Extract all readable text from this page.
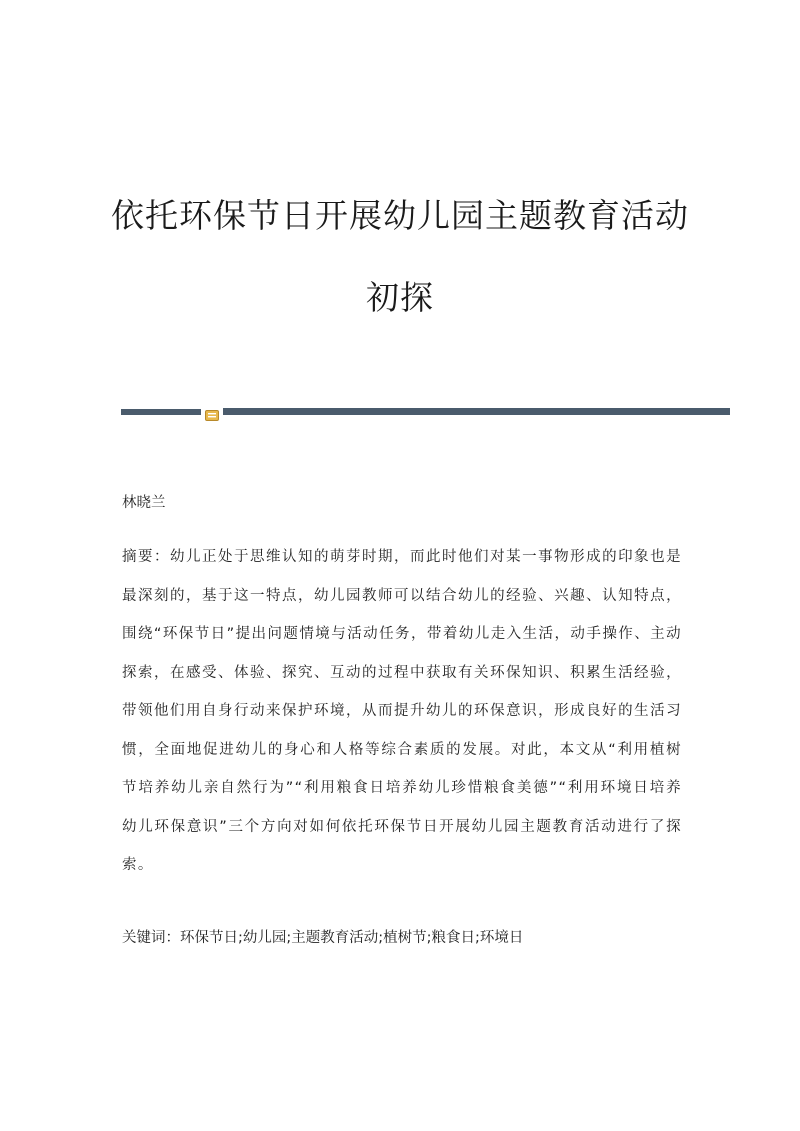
依托环保节日开展幼儿园主题教育活动
初探
林晓兰
摘要：幼儿正处于思维认知的萌芽时期，而此时他们对某一事物形成的印象也是最深刻的，基于这一特点，幼儿园教师可以结合幼儿的经验、兴趣、认知特点，围绕“环保节日”提出问题情境与活动任务，带着幼儿走入生活，动手操作、主动探索，在感受、体验、探究、互动的过程中获取有关环保知识、积累生活经验，带领他们用自身行动来保护环境，从而提升幼儿的环保意识，形成良好的生活习惯，全面地促进幼儿的身心和人格等综合素质的发展。对此，本文从“利用植树节培养幼儿亲自然行为”“利用粮食日培养幼儿珍惜粮食美德”“利用环境日培养幼儿环保意识”三个方向对如何依托环保节日开展幼儿园主题教育活动进行了探索。
关键词：环保节日;幼儿园;主题教育活动;植树节;粮食日;环境日
